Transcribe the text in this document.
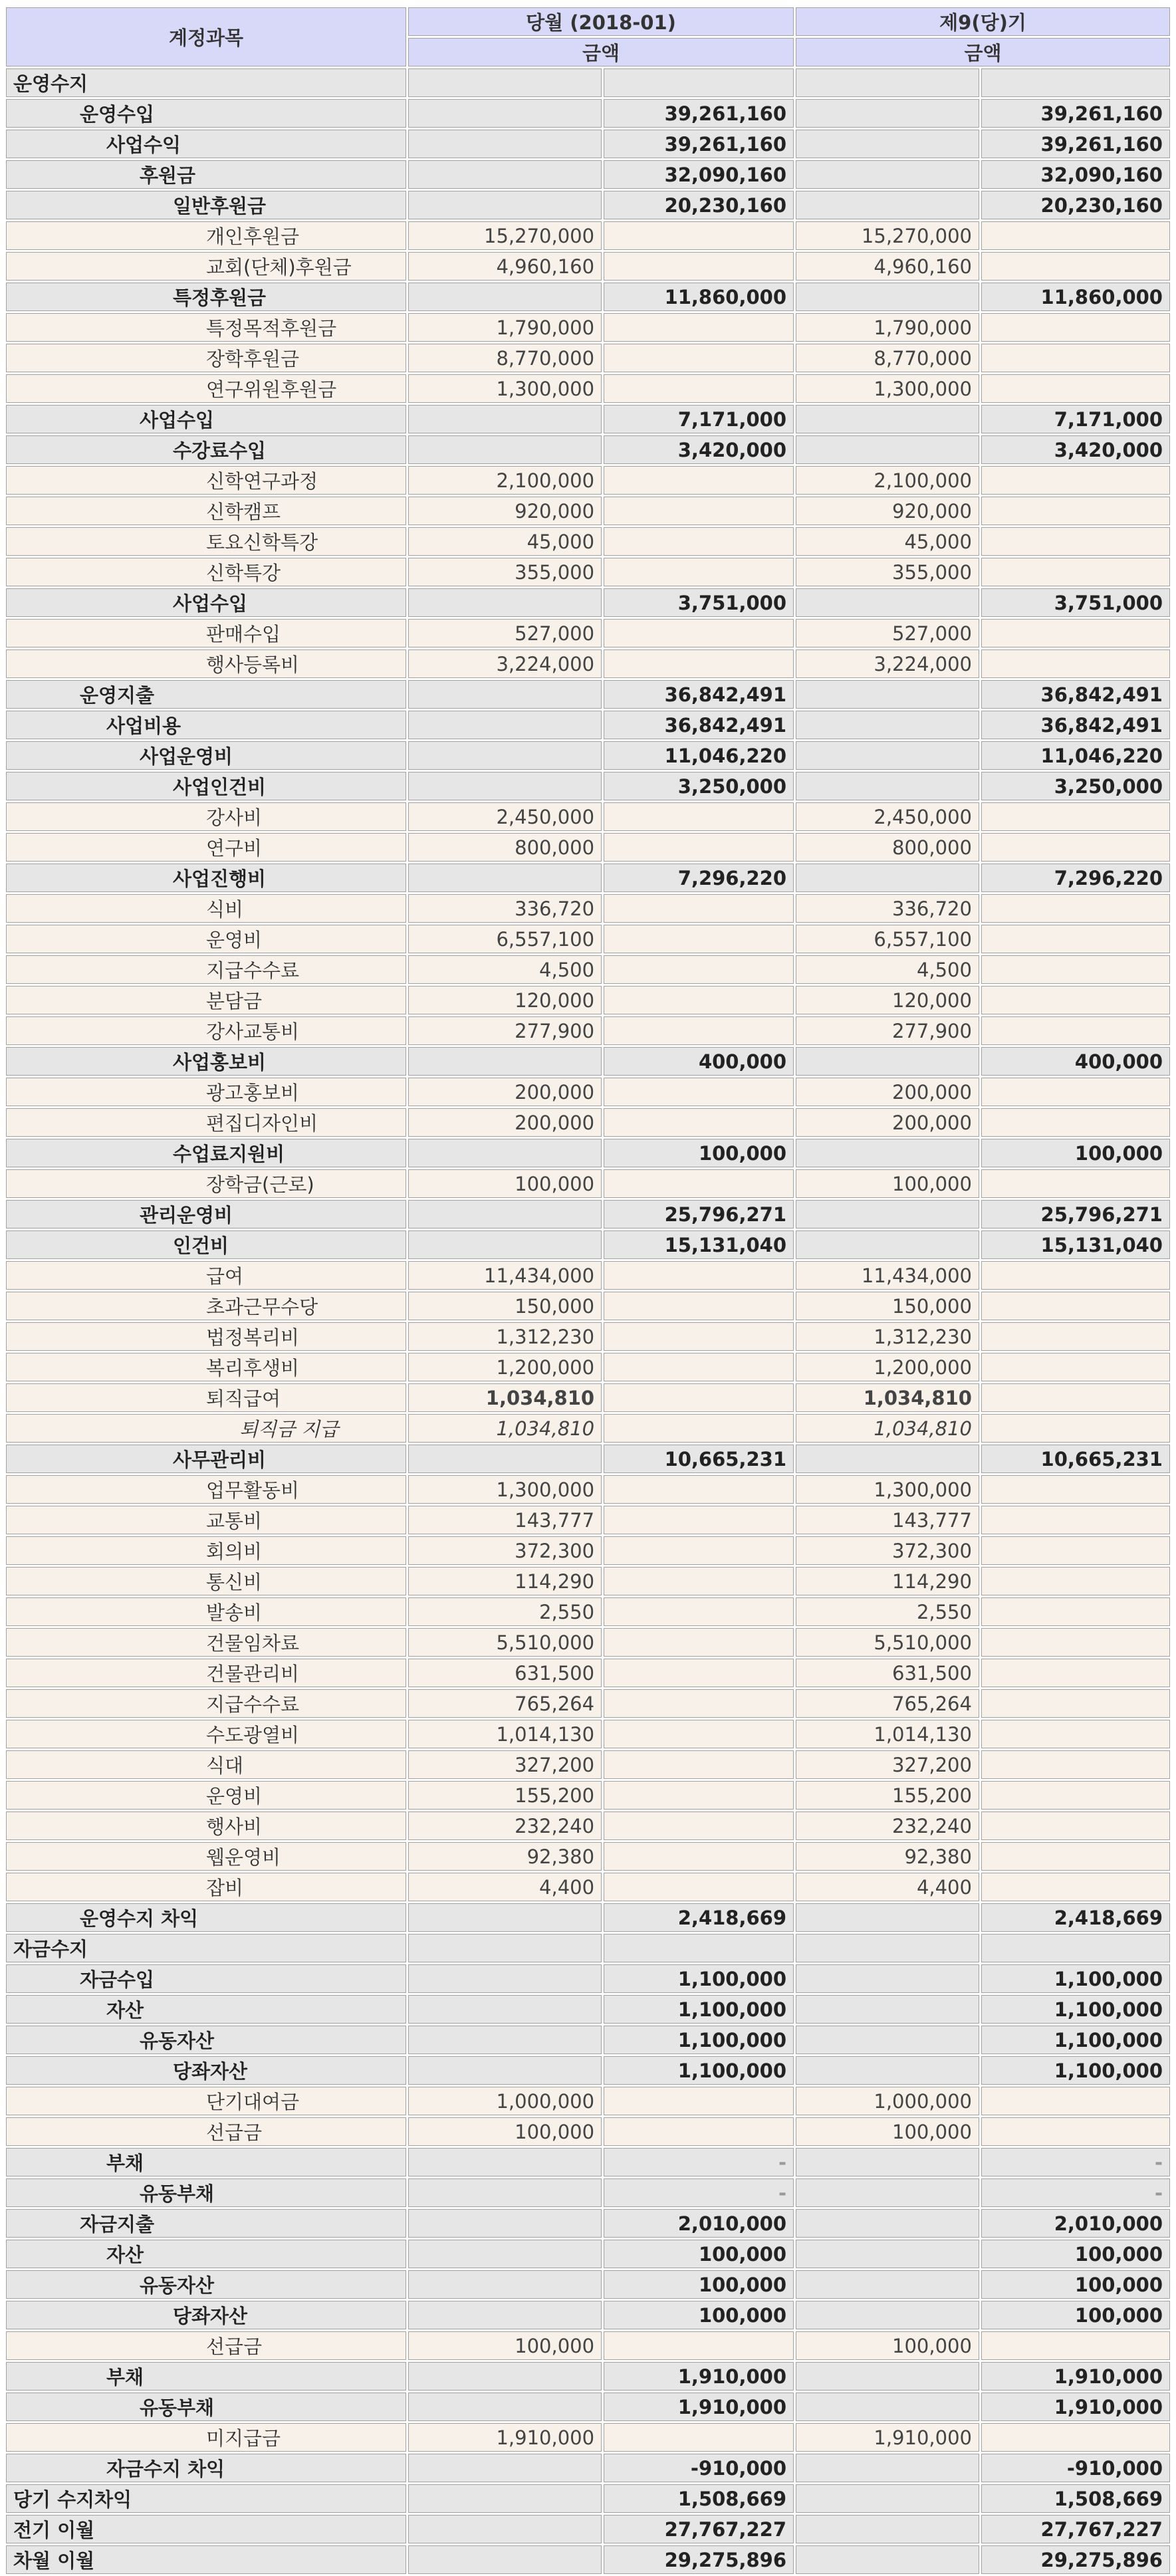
계정과목	당월 (2018-01)		제9(당)기	
	금액		금액	
운영수지				
운영수입		39,261,160		39,261,160
사업수익		39,261,160		39,261,160
후원금		32,090,160		32,090,160
일반후원금		20,230,160		20,230,160
개인후원금	15,270,000		15,270,000	
교회(단체)후원금	4,960,160		4,960,160	
특정후원금		11,860,000		11,860,000
특정목적후원금	1,790,000		1,790,000	
장학후원금	8,770,000		8,770,000	
연구위원후원금	1,300,000		1,300,000	
사업수입		7,171,000		7,171,000
수강료수입		3,420,000		3,420,000
신학연구과정	2,100,000		2,100,000	
신학캠프	920,000		920,000	
토요신학특강	45,000		45,000	
신학특강	355,000		355,000	
사업수입		3,751,000		3,751,000
판매수입	527,000		527,000	
행사등록비	3,224,000		3,224,000	
운영지출		36,842,491		36,842,491
사업비용		36,842,491		36,842,491
사업운영비		11,046,220		11,046,220
사업인건비		3,250,000		3,250,000
강사비	2,450,000		2,450,000	
연구비	800,000		800,000	
사업진행비		7,296,220		7,296,220
식비	336,720		336,720	
운영비	6,557,100		6,557,100	
지급수수료	4,500		4,500	
분담금	120,000		120,000	
강사교통비	277,900		277,900	
사업홍보비		400,000		400,000
광고홍보비	200,000		200,000	
편집디자인비	200,000		200,000	
수업료지원비		100,000		100,000
장학금(근로)	100,000		100,000	
관리운영비		25,796,271		25,796,271
인건비		15,131,040		15,131,040
급여	11,434,000		11,434,000	
초과근무수당	150,000		150,000	
법정복리비	1,312,230		1,312,230	
복리후생비	1,200,000		1,200,000	
퇴직급여	1,034,810		1,034,810	
퇴직금 지급	1,034,810		1,034,810	
사무관리비		10,665,231		10,665,231
업무활동비	1,300,000		1,300,000	
교통비	143,777		143,777	
회의비	372,300		372,300	
통신비	114,290		114,290	
발송비	2,550		2,550	
건물임차료	5,510,000		5,510,000	
건물관리비	631,500		631,500	
지급수수료	765,264		765,264	
수도광열비	1,014,130		1,014,130	
식대	327,200		327,200	
운영비	155,200		155,200	
행사비	232,240		232,240	
웹운영비	92,380		92,380	
잡비	4,400		4,400	
운영수지 차익		2,418,669		2,418,669
자금수지				
자금수입		1,100,000		1,100,000
자산		1,100,000		1,100,000
유동자산		1,100,000		1,100,000
당좌자산		1,100,000		1,100,000
단기대여금	1,000,000		1,000,000	
선급금	100,000		100,000	
부채		-		-
유동부채		-		-
자금지출		2,010,000		2,010,000
자산		100,000		100,000
유동자산		100,000		100,000
당좌자산		100,000		100,000
선급금	100,000		100,000	
부채		1,910,000		1,910,000
유동부채		1,910,000		1,910,000
미지급금	1,910,000		1,910,000	
자금수지 차익		-910,000		-910,000
당기 수지차익		1,508,669		1,508,669
전기 이월		27,767,227		27,767,227
차월 이월		29,275,896		29,275,896
